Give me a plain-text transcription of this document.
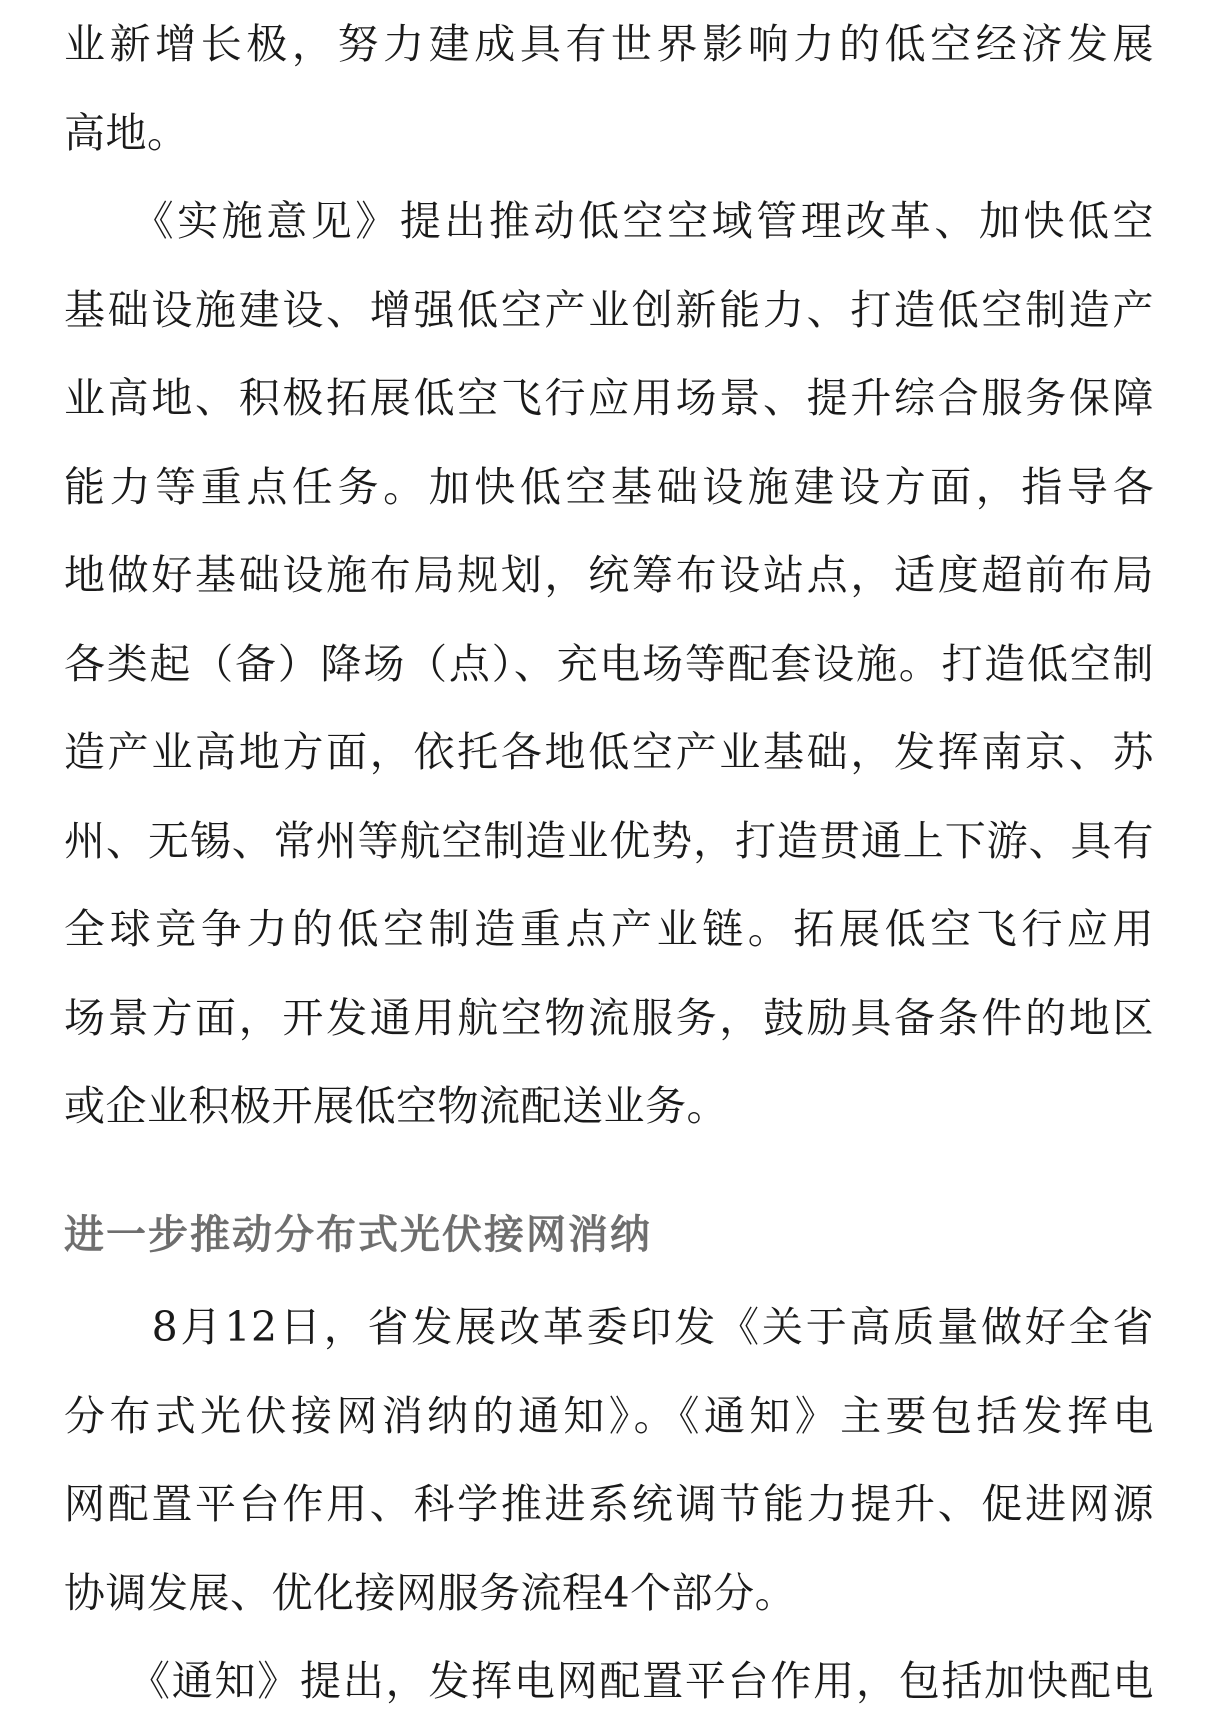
业新增长极，努力建成具有世界影响力的低空经济发展
高地。
　　《实施意见》提出推动低空空域管理改革、加快低空
基础设施建设、增强低空产业创新能力、打造低空制造产
业高地、积极拓展低空飞行应用场景、提升综合服务保障
能力等重点任务。加快低空基础设施建设方面，指导各
地做好基础设施布局规划，统筹布设站点，适度超前布局
各类起（备）降场（点）、充电场等配套设施。打造低空制
造产业高地方面，依托各地低空产业基础，发挥南京、苏
州、无锡、常州等航空制造业优势，打造贯通上下游、具有
全球竞争力的低空制造重点产业链。拓展低空飞行应用
场景方面，开发通用航空物流服务，鼓励具备条件的地区
或企业积极开展低空物流配送业务。
进一步推动分布式光伏接网消纳
　　8月12日，省发展改革委印发《关于高质量做好全省
分布式光伏接网消纳的通知》。《通知》主要包括发挥电
网配置平台作用、科学推进系统调节能力提升、促进网源
协调发展、优化接网服务流程4个部分。
　　《通知》提出，发挥电网配置平台作用，包括加快配电
